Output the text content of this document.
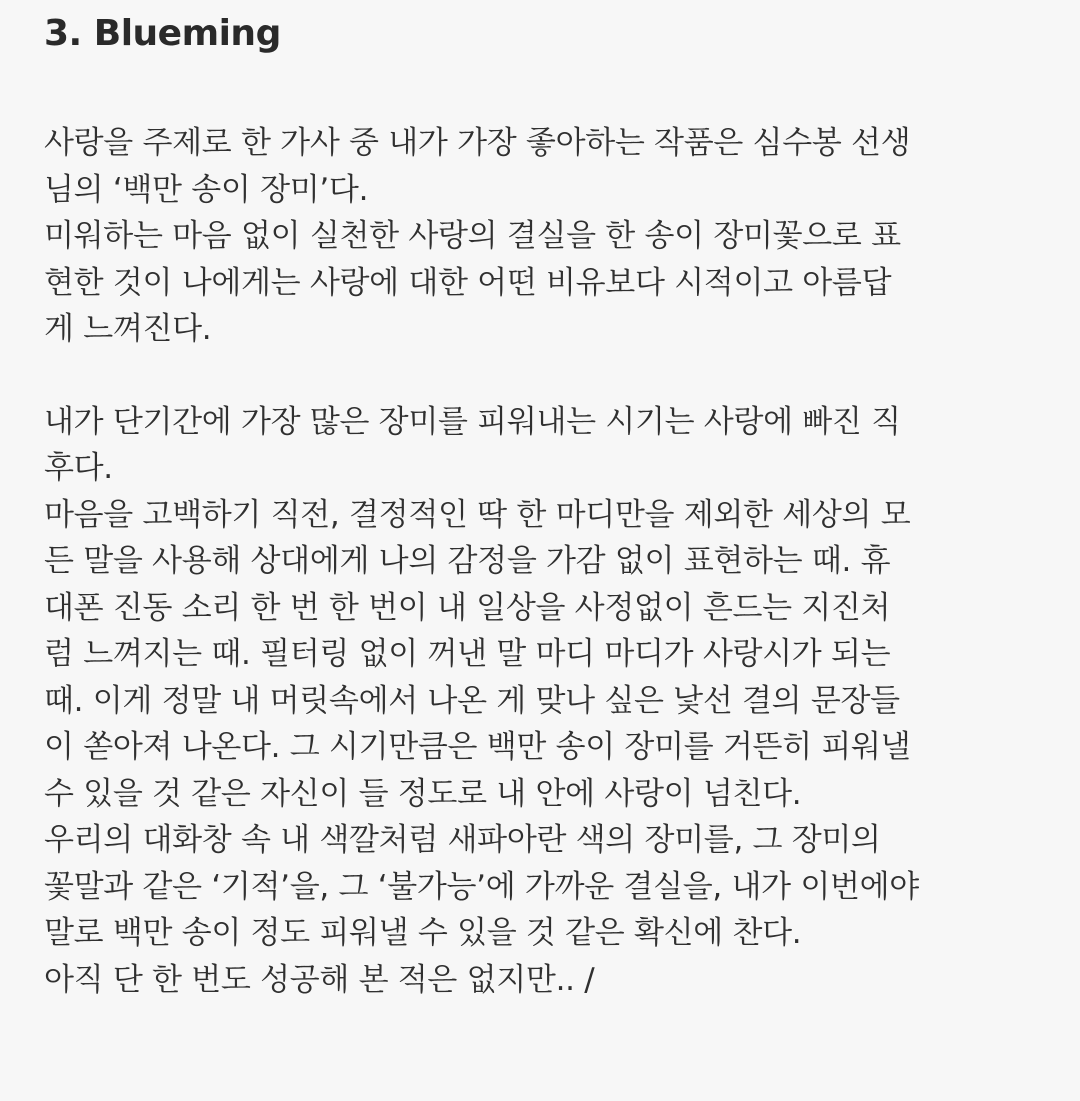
3. Blueming

사랑을 주제로 한 가사 중 내가 가장 좋아하는 작품은 심수봉 선생
님의 ‘백만 송이 장미’다.

미워하는 마음 없이 실천한 사랑의 결실을 한 송이 장미꽃으로 표
현한 것이 나에게는 사랑에 대한 어떤 비유보다 시적이고 아름답
게 느껴진다.

내가 단기간에 가장 많은 장미를 피워내는 시기는 사랑에 빠진 직
후다.

마음을 고백하기 직전, 결정적인 딱 한 마디만을 제외한 세상의 모
든 말을 사용해 상대에게 나의 감정을 가감 없이 표현하는 때. 휴
대폰 진동 소리 한 번 한 번이 내 일상을 사정없이 흔드는 지진처
럼 느껴지는 때. 필터링 없이 꺼낸 말 마디 마디가 사랑시가 되는
때. 이게 정말 내 머릿속에서 나온 게 맞나 싶은 낯선 결의 문장들
이 쏟아져 나온다. 그 시기만큼은 백만 송이 장미를 거뜬히 피워낼
수 있을 것 같은 자신이 들 정도로 내 안에 사랑이 넘친다.

우리의 대화창 속 내 색깔처럼 새파아란 색의 장미를, 그 장미의
꽃말과 같은 ‘기적’을, 그 ‘불가능’에 가까운 결실을, 내가 이번에야
말로 백만 송이 정도 피워낼 수 있을 것 같은 확신에 찬다.

아직 단 한 번도 성공해 본 적은 없지만.. /
